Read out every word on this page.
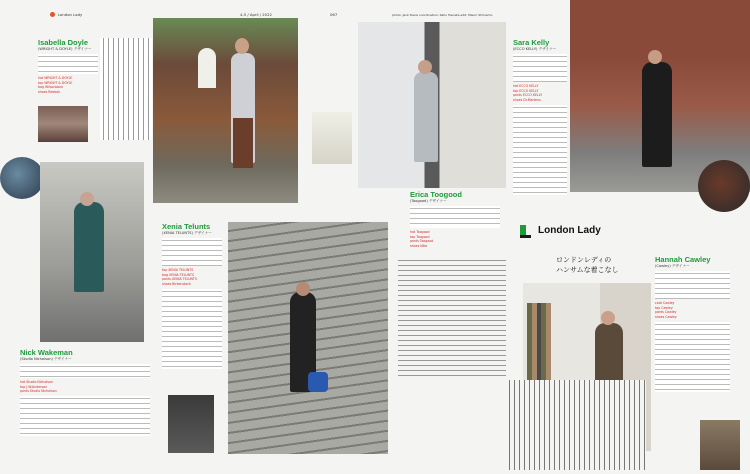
London Lady	4-5 / April / 2022	067	photo: Jack Davis coordination: Kaho Hanaka edit: Mieori Shimamo
Isabella Doyle
(WRIGHT & DOYLE) デザイナー
hat WRIGHT & DOYLE
top WRIGHT & DOYLE
bag Wilsonbock
shoes Reebok
Nick Wakeman
(Studio Nicholson) デザイナー
hat Studio Nicholson
top J.W.Anderson
pants Studio Nicholson
Xenia Telunts
(XENIA TELUNTS) デザイナー
top XENIA TELUNTS
bag XENIA TELUNTS
pants XENIA TELUNTS
shoes Birkenstock
Erica Toogood
(Toogood) デザイナー
hat Toogood
top Toogood
pants Toogood
shoes Nike
Sara Kelly
(ECCO KELLY) デザイナー
hat ECCO KELLY
top ECCO KELLY
pants ECCO KELLY
shoes Dr.Martens
London Lady
ロンドンレディの
ハンサムな着こなし
Hannah Cawley
(Cawley) デザイナー
coat Cawley
top Cawley
pants Cawley
shoes Cawley
